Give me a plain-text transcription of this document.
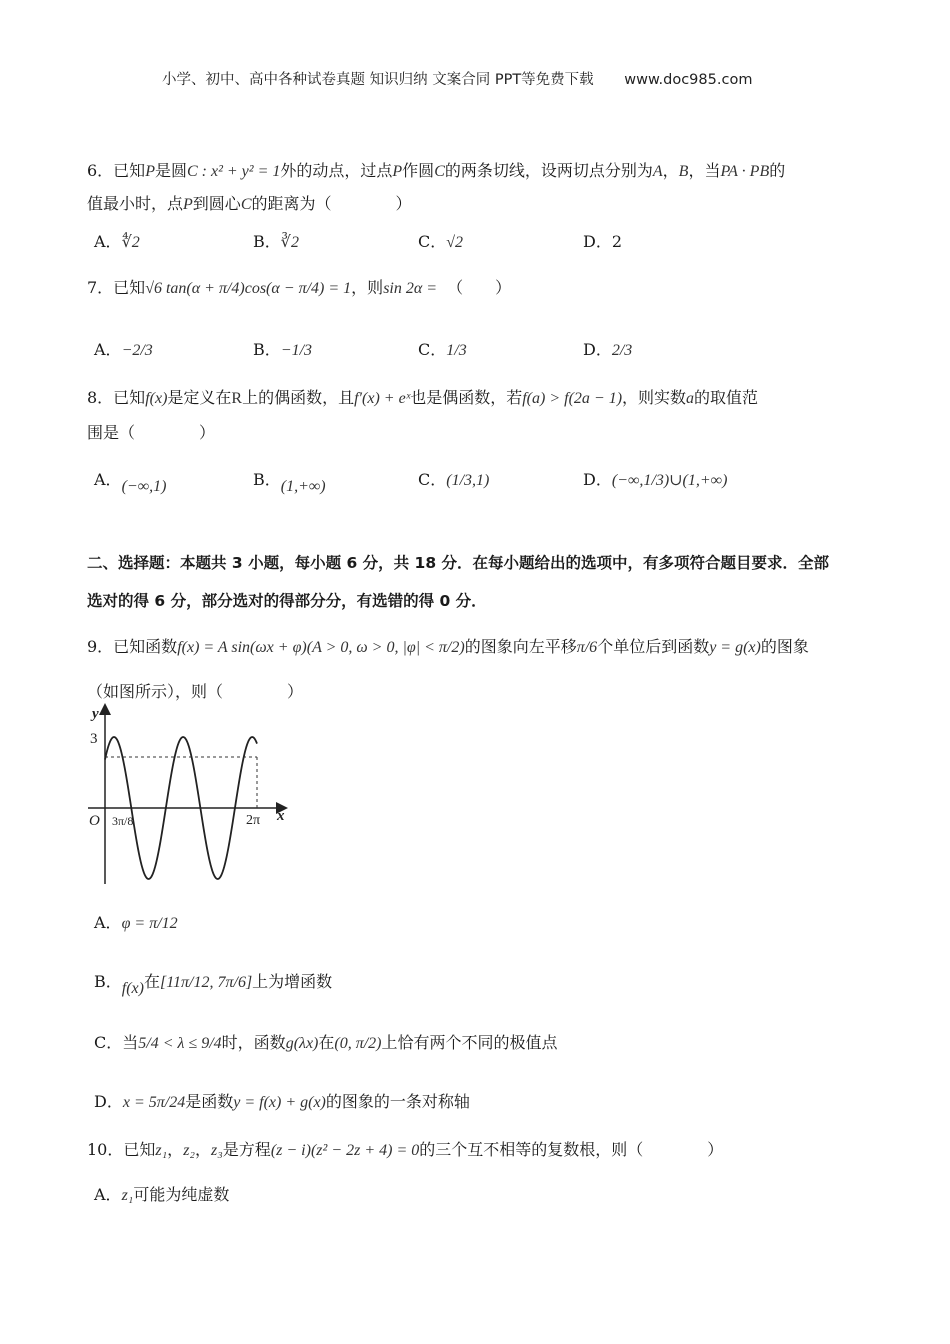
小学、初中、高中各种试卷真题 知识归纳 文案合同 PPT等免费下载 www.doc985.com
6．已知P是圆C : x² + y² = 1外的动点，过点P作圆C的两条切线，设两切点分别为A，B，当PA · PB的
值最小时，点P到圆心C的距离为（　　　　）
A．∜2	B．∛2	C．√2	D．2
7．已知√6 tan(α + π/4)cos(α − π/4) = 1，则sin 2α = （　　）
A．−2/3	B．−1/3	C．1/3	D．2/3
8．已知f(x)是定义在R上的偶函数，且f′(x) + eˣ也是偶函数，若f(a) > f(2a − 1)，则实数a的取值范
围是（　　　　）
A．(−∞,1)	B．(1,+∞)	C．(1/3,1)	D．(−∞,1/3)∪(1,+∞)
二、选择题：本题共 3 小题，每小题 6 分，共 18 分．在每小题给出的选项中，有多项符合题目要求．全部
选对的得 6 分，部分选对的得部分分，有选错的得 0 分．
9．已知函数f(x) = A sin(ωx + φ)(A > 0, ω > 0, |φ| < π/2)的图象向左平移π/6个单位后到函数y = g(x)的图象
（如图所示），则（　　　　）
y
x
O
3
3π/8	2π
A．φ = π/12
B．f(x)在[11π/12, 7π/6]上为增函数
C．当5/4 < λ ≤ 9/4时，函数g(λx)在(0, π/2)上恰有两个不同的极值点
D．x = 5π/24是函数y = f(x) + g(x)的图象的一条对称轴
10．已知z₁，z₂，z₃是方程(z − i)(z² − 2z + 4) = 0的三个互不相等的复数根，则（　　　　）
A．z₁可能为纯虚数
